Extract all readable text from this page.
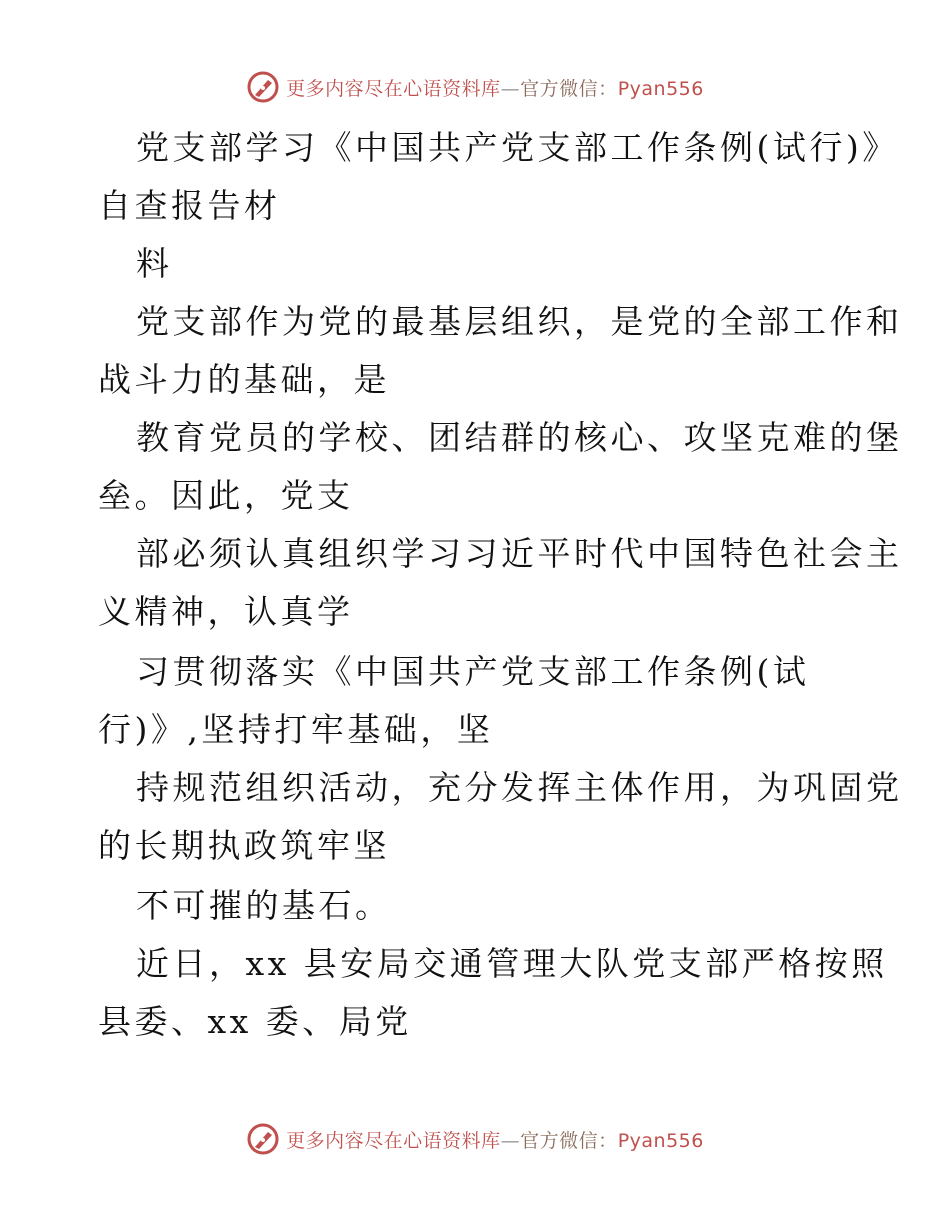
更多内容尽在心语资料库—官方微信：Pyan556
党支部学习《中国共产党支部工作条例(试行)》
自查报告材
料
党支部作为党的最基层组织，是党的全部工作和
战斗力的基础，是
教育党员的学校、团结群的核心、攻坚克难的堡
垒。因此，党支
部必须认真组织学习习近平时代中国特色社会主
义精神，认真学
习贯彻落实《中国共产党支部工作条例(试
行)》,坚持打牢基础，坚
持规范组织活动，充分发挥主体作用，为巩固党
的长期执政筑牢坚
不可摧的基石。
近日，xx 县安局交通管理大队党支部严格按照
县委、xx 委、局党
更多内容尽在心语资料库—官方微信：Pyan556
